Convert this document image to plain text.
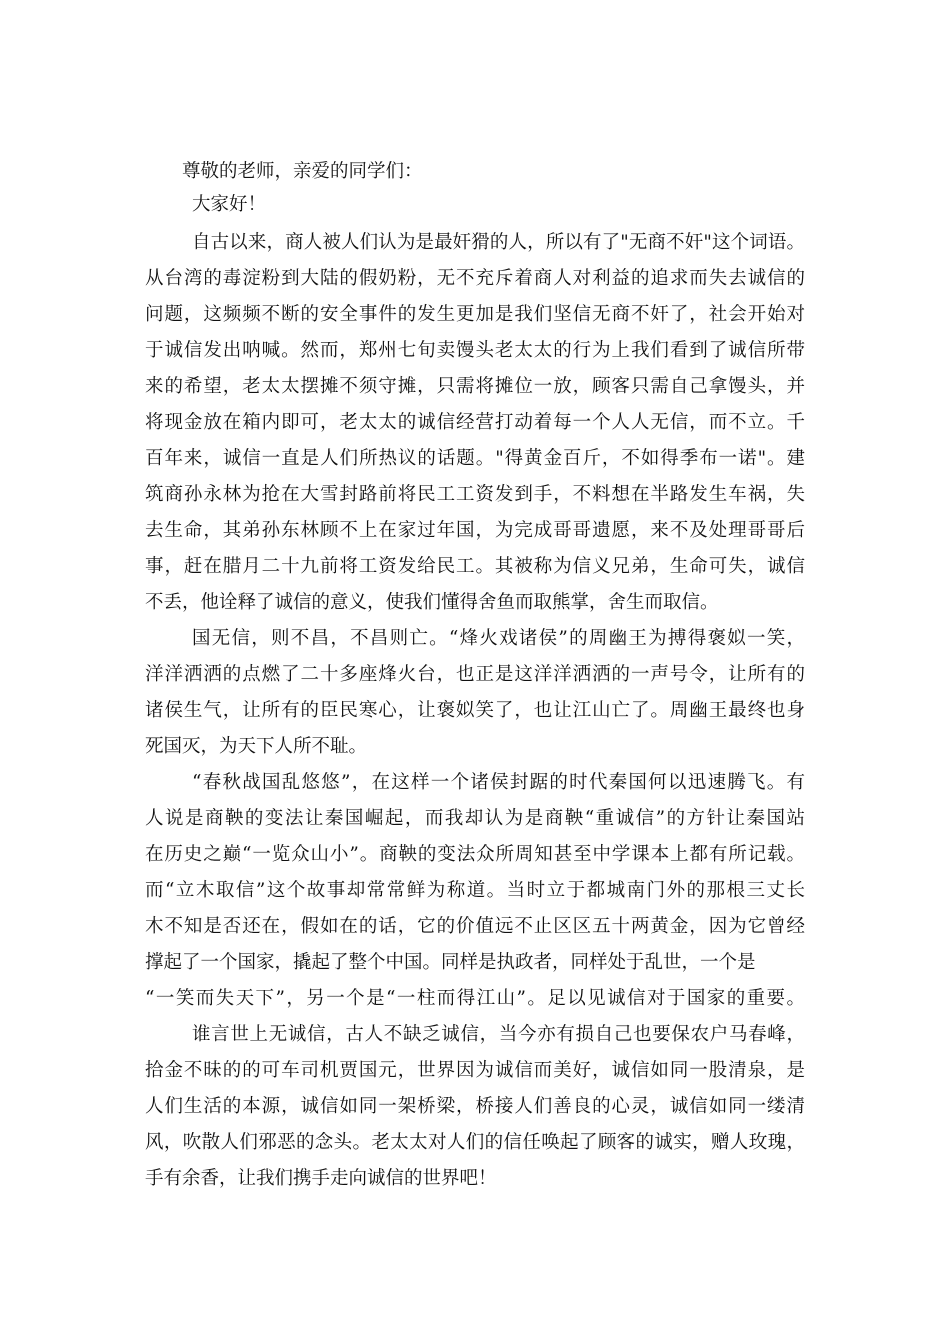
尊敬的老师，亲爱的同学们：
大家好！
自古以来，商人被人们认为是最奸猾的人，所以有了"无商不奸"这个词语。
从台湾的毒淀粉到大陆的假奶粉，无不充斥着商人对利益的追求而失去诚信的
问题，这频频不断的安全事件的发生更加是我们坚信无商不奸了，社会开始对
于诚信发出呐喊。然而，郑州七旬卖馒头老太太的行为上我们看到了诚信所带
来的希望，老太太摆摊不须守摊，只需将摊位一放，顾客只需自己拿馒头，并
将现金放在箱内即可，老太太的诚信经营打动着每一个人人无信，而不立。千
百年来，诚信一直是人们所热议的话题。"得黄金百斤，不如得季布一诺"。建
筑商孙永林为抢在大雪封路前将民工工资发到手，不料想在半路发生车祸，失
去生命，其弟孙东林顾不上在家过年国，为完成哥哥遗愿，来不及处理哥哥后
事，赶在腊月二十九前将工资发给民工。其被称为信义兄弟，生命可失，诚信
不丢，他诠释了诚信的意义，使我们懂得舍鱼而取熊掌，舍生而取信。
国无信，则不昌，不昌则亡。“烽火戏诸侯”的周幽王为搏得褒姒一笑，
洋洋洒洒的点燃了二十多座烽火台，也正是这洋洋洒洒的一声号令，让所有的
诸侯生气，让所有的臣民寒心，让褒姒笑了，也让江山亡了。周幽王最终也身
死国灭，为天下人所不耻。
“春秋战国乱悠悠”，在这样一个诸侯封踞的时代秦国何以迅速腾飞。有
人说是商鞅的变法让秦国崛起，而我却认为是商鞅“重诚信”的方针让秦国站
在历史之巅“一览众山小”。商鞅的变法众所周知甚至中学课本上都有所记载。
而“立木取信”这个故事却常常鲜为称道。当时立于都城南门外的那根三丈长
木不知是否还在，假如在的话，它的价值远不止区区五十两黄金，因为它曾经
撑起了一个国家，撬起了整个中国。同样是执政者，同样处于乱世，一个是
“一笑而失天下”，另一个是“一柱而得江山”。足以见诚信对于国家的重要。
谁言世上无诚信，古人不缺乏诚信，当今亦有损自己也要保农户马春峰，
拾金不昧的的可车司机贾国元，世界因为诚信而美好，诚信如同一股清泉，是
人们生活的本源，诚信如同一架桥梁，桥接人们善良的心灵，诚信如同一缕清
风，吹散人们邪恶的念头。老太太对人们的信任唤起了顾客的诚实，赠人玫瑰，
手有余香，让我们携手走向诚信的世界吧！
